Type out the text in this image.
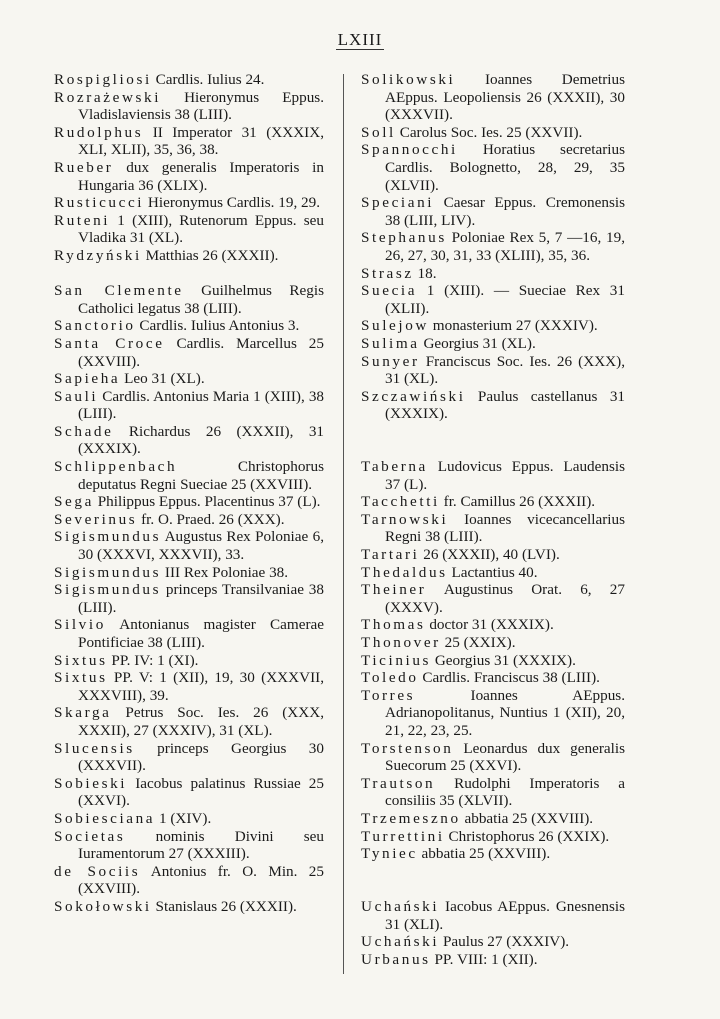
LXIII
Rospigliosi Cardlis. Iulius 24.
Rozrażewski Hieronymus Eppus. Vladislaviensis 38 (LIII).
Rudolphus II Imperator 31 (XXXIX, XLI, XLII), 35, 36, 38.
Rueber dux generalis Imperatoris in Hungaria 36 (XLIX).
Rusticucci Hieronymus Cardlis. 19, 29.
Ruteni 1 (XIII), Rutenorum Eppus. seu Vladika 31 (XL).
Rydzyński Matthias 26 (XXXII).
San Clemente Guilhelmus Regis Catholici legatus 38 (LIII).
Sanctorio Cardlis. Iulius Antonius 3.
Santa Croce Cardlis. Marcellus 25 (XXVIII).
Sapieha Leo 31 (XL).
Sauli Cardlis. Antonius Maria 1 (XIII), 38 (LIII).
Schade Richardus 26 (XXXII), 31 (XXXIX).
Schlippenbach	Christophorus deputatus Regni Sueciae 25 (XXVIII).
Sega Philippus Eppus. Placentinus 37 (L).
Severinus fr. O. Praed. 26 (XXX).
Sigismundus Augustus Rex Poloniae 6, 30 (XXXVI, XXXVII), 33.
Sigismundus III Rex Poloniae 38.
Sigismundus princeps Transilvaniae 38 (LIII).
Silvio Antonianus magister Camerae Pontificiae 38 (LIII).
Sixtus PP. IV: 1 (XI).
Sixtus PP. V: 1 (XII), 19, 30 (XXXVII, XXXVIII), 39.
Skarga Petrus Soc. Ies. 26 (XXX, XXXII), 27 (XXXIV), 31 (XL).
Slucensis princeps Georgius 30 (XXXVII).
Sobieski Iacobus palatinus Russiae 25 (XXVI).
Sobiesciana 1 (XIV).
Societas nominis Divini seu Iuramentorum 27 (XXXIII).
de Sociis Antonius fr. O. Min. 25 (XXVIII).
Sokołowski Stanislaus 26 (XXXII).
Solikowski Ioannes Demetrius AEppus. Leopoliensis 26 (XXXII), 30 (XXXVII).
Soll Carolus Soc. Ies. 25 (XXVII).
Spannocchi Horatius secretarius Cardlis. Bolognetto, 28, 29, 35 (XLVII).
Speciani Caesar Eppus. Cremonensis 38 (LIII, LIV).
Stephanus Poloniae Rex 5, 7 —16, 19, 26, 27, 30, 31, 33 (XLIII), 35, 36.
Strasz 18.
Suecia 1 (XIII). — Sueciae Rex 31 (XLII).
Sulejow monasterium 27 (XXXIV).
Sulima Georgius 31 (XL).
Sunyer Franciscus Soc. Ies. 26 (XXX), 31 (XL).
Szczawiński Paulus castellanus 31 (XXXIX).
Taberna Ludovicus Eppus. Laudensis 37 (L).
Tacchetti fr. Camillus 26 (XXXII).
Tarnowski Ioannes vicecancellarius Regni 38 (LIII).
Tartari 26 (XXXII), 40 (LVI).
Thedaldus Lactantius 40.
Theiner Augustinus Orat. 6, 27 (XXXV).
Thomas doctor 31 (XXXIX).
Thonover 25 (XXIX).
Ticinius Georgius 31 (XXXIX).
Toledo Cardlis. Franciscus 38 (LIII).
Torres	Ioannes AEppus. Adrianopolitanus, Nuntius 1 (XII), 20, 21, 22, 23, 25.
Torstenson Leonardus dux generalis Suecorum 25 (XXVI).
Trautson Rudolphi Imperatoris a consiliis 35 (XLVII).
Trzemeszno abbatia 25 (XXVIII).
Turrettini Christophorus 26 (XXIX).
Tyniec abbatia 25 (XXVIII).
Uchański Iacobus AEppus. Gnesnensis 31 (XLI).
Uchański Paulus 27 (XXXIV).
Urbanus PP. VIII: 1 (XII).
